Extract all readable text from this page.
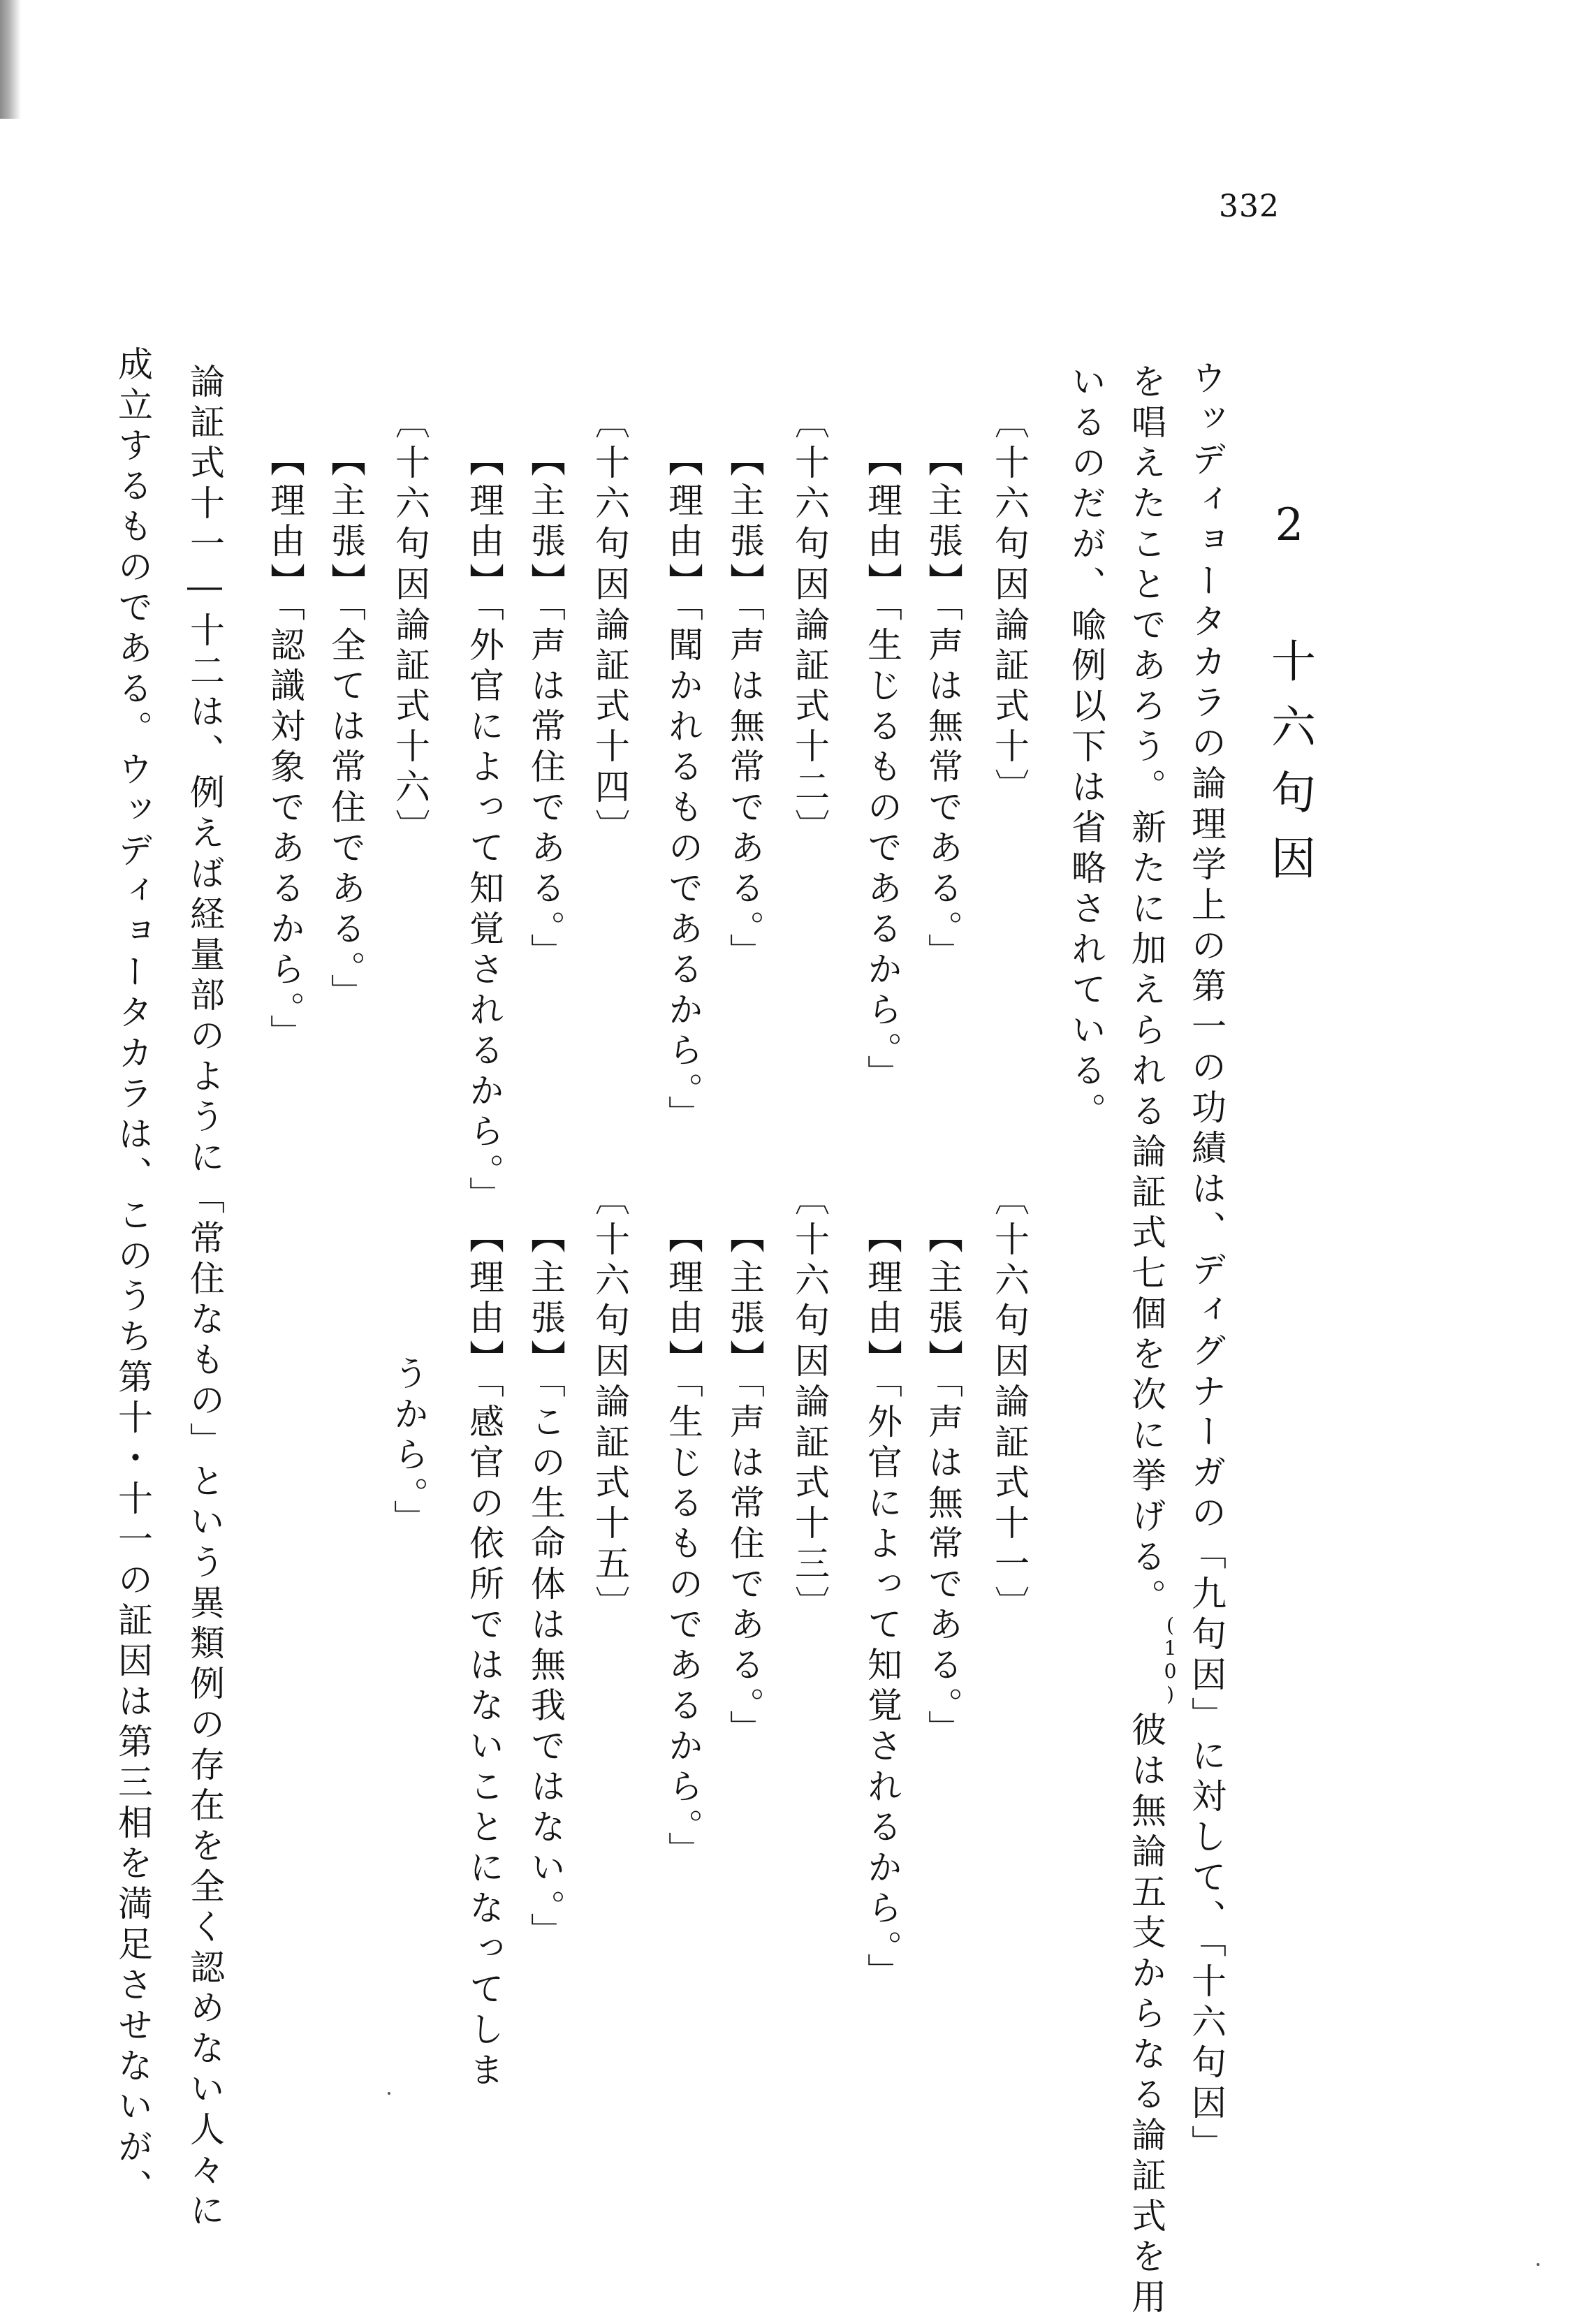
332
2　十六句因
ウッディョータカラの論理学上の第一の功績は、ディグナーガの「九句因」に対して、「十六句因」
を唱えたことであろう。新たに加えられる論証式七個を次に挙げる。(10)彼は無論五支からなる論証式を用
いるのだが、喩例以下は省略されている。
〔十六句因論証式十〕
【主張】「声は無常である。」
【理由】「生じるものであるから。」
〔十六句因論証式十二〕
【主張】「声は無常である。」
【理由】「聞かれるものであるから。」
〔十六句因論証式十四〕
【主張】「声は常住である。」
【理由】「外官によって知覚されるから。」
〔十六句因論証式十六〕
【主張】「全ては常住である。」
【理由】「認識対象であるから。」
〔十六句因論証式十一〕
【主張】「声は無常である。」
【理由】「外官によって知覚されるから。」
〔十六句因論証式十三〕
【主張】「声は常住である。」
【理由】「生じるものであるから。」
〔十六句因論証式十五〕
【主張】「この生命体は無我ではない。」
【理由】「感官の依所ではないことになってしま
うから。」
論証式十一―十二は、例えば経量部のように「常住なもの」という異類例の存在を全く認めない人々に
成立するものである。ウッディョータカラは、このうち第十・十一の証因は第三相を満足させないが、
